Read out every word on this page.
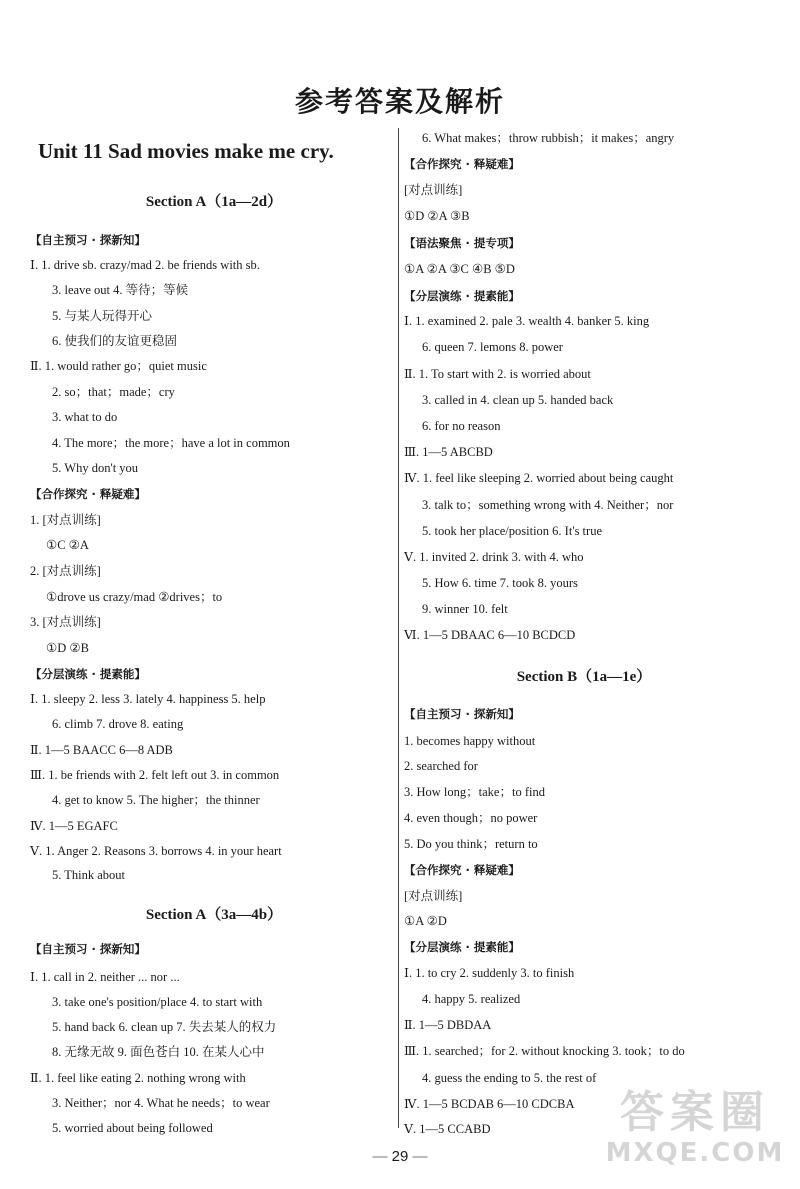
参考答案及解析
Unit 11 Sad movies make me cry.
Section A（1a—2d）
【自主预习 · 探新知】
Ⅰ. 1. drive sb. crazy/mad 2. be friends with sb.
3. leave out 4. 等待；等候
5. 与某人玩得开心
6. 使我们的友谊更稳固
Ⅱ. 1. would rather go；quiet music
2. so；that；made；cry
3. what to do
4. The more；the more；have a lot in common
5. Why don't you
【合作探究 · 释疑难】
1. [对点训练]
①C ②A
2. [对点训练]
①drove us crazy/mad ②drives；to
3. [对点训练]
①D ②B
【分层演练 · 提素能】
Ⅰ. 1. sleepy 2. less 3. lately 4. happiness 5. help
6. climb 7. drove 8. eating
Ⅱ. 1—5 BAACC 6—8 ADB
Ⅲ. 1. be friends with 2. felt left out 3. in common
4. get to know 5. The higher；the thinner
Ⅳ. 1—5 EGAFC
Ⅴ. 1. Anger 2. Reasons 3. borrows 4. in your heart
5. Think about
Section A（3a—4b）
【自主预习 · 探新知】
Ⅰ. 1. call in 2. neither ... nor ...
3. take one's position/place 4. to start with
5. hand back 6. clean up 7. 失去某人的权力
8. 无缘无故 9. 面色苍白 10. 在某人心中
Ⅱ. 1. feel like eating 2. nothing wrong with
3. Neither；nor 4. What he needs；to wear
5. worried about being followed
6. What makes；throw rubbish；it makes；angry
【合作探究 · 释疑难】
[对点训练]
①D ②A ③B
【语法聚焦 · 提专项】
①A ②A ③C ④B ⑤D
【分层演练 · 提素能】
Ⅰ. 1. examined 2. pale 3. wealth 4. banker 5. king
6. queen 7. lemons 8. power
Ⅱ. 1. To start with 2. is worried about
3. called in 4. clean up 5. handed back
6. for no reason
Ⅲ. 1—5 ABCBD
Ⅳ. 1. feel like sleeping 2. worried about being caught
3. talk to；something wrong with 4. Neither；nor
5. took her place/position 6. It's true
Ⅴ. 1. invited 2. drink 3. with 4. who
5. How 6. time 7. took 8. yours
9. winner 10. felt
Ⅵ. 1—5 DBAAC 6—10 BCDCD
Section B（1a—1e）
【自主预习 · 探新知】
1. becomes happy without
2. searched for
3. How long；take；to find
4. even though；no power
5. Do you think；return to
【合作探究 · 释疑难】
[对点训练]
①A ②D
【分层演练 · 提素能】
Ⅰ. 1. to cry 2. suddenly 3. to finish
4. happy 5. realized
Ⅱ. 1—5 DBDAA
Ⅲ. 1. searched；for 2. without knocking 3. took；to do
4. guess the ending to 5. the rest of
Ⅳ. 1—5 BCDAB 6—10 CDCBA
Ⅴ. 1—5 CCABD
— 29 —
答案圈
MXQE.COM
